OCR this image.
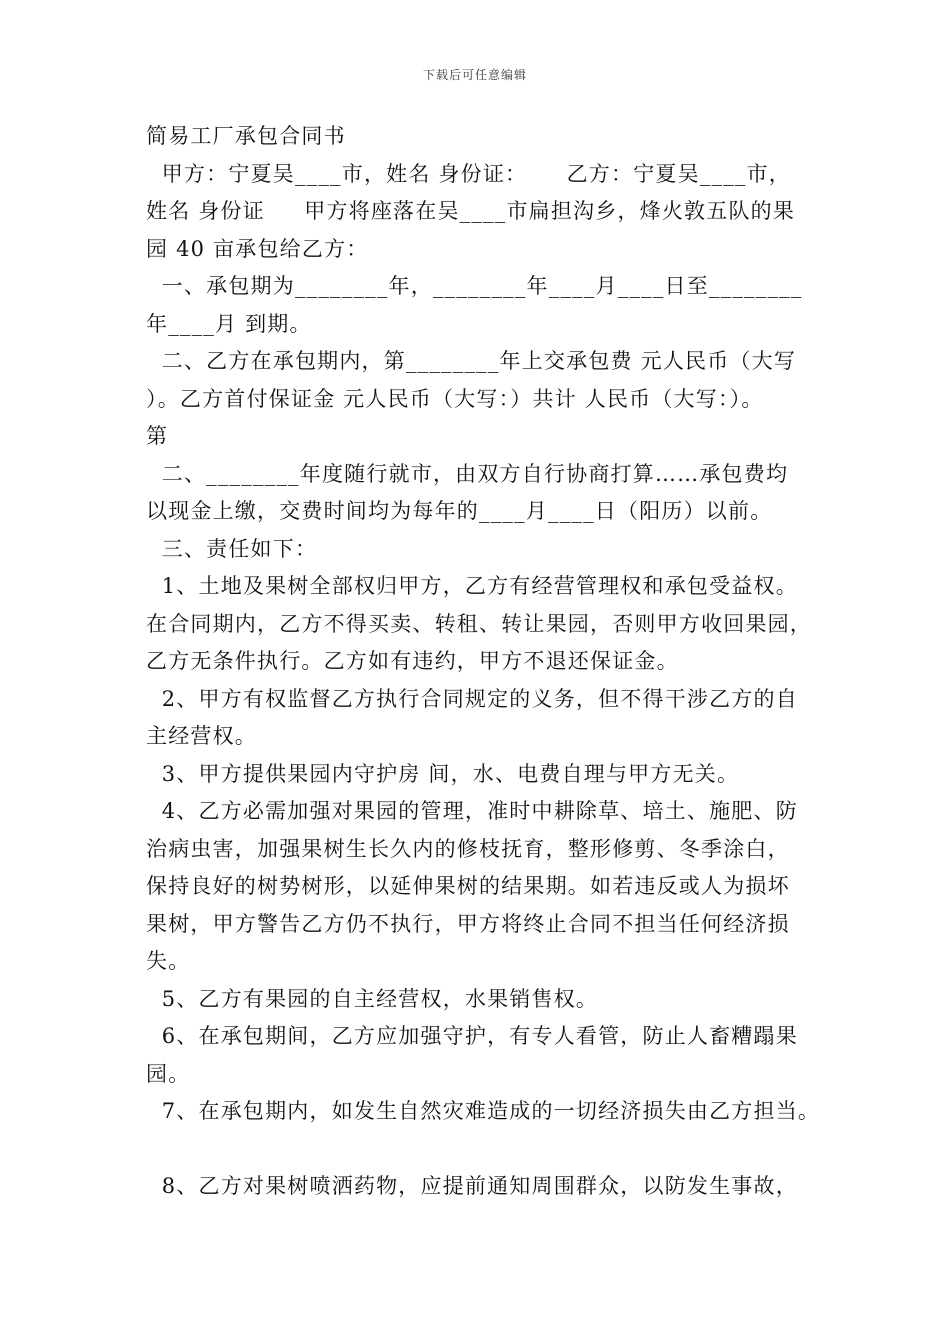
下载后可任意编辑
简易工厂承包合同书
甲方：宁夏吴____市，姓名 身份证：     乙方：宁夏吴____市，
姓名 身份证     甲方将座落在吴____市扁担沟乡，烽火敦五队的果
园 40 亩承包给乙方：
一、承包期为________年，________年____月____日至________
年____月 到期。
二、乙方在承包期内，第________年上交承包费 元人民币（大写
）。乙方首付保证金 元人民币（大写：）共计 人民币（大写：）。
第
二、________年度随行就市，由双方自行协商打算……承包费均
以现金上缴，交费时间均为每年的____月____日（阳历）以前。
三、责任如下：
1、土地及果树全部权归甲方，乙方有经营管理权和承包受益权。
在合同期内，乙方不得买卖、转租、转让果园，否则甲方收回果园，
乙方无条件执行。乙方如有违约，甲方不退还保证金。
2、甲方有权监督乙方执行合同规定的义务，但不得干涉乙方的自
主经营权。
3、甲方提供果园内守护房 间，水、电费自理与甲方无关。
4、乙方必需加强对果园的管理，准时中耕除草、培土、施肥、防
治病虫害，加强果树生长久内的修枝抚育，整形修剪、冬季涂白，
保持良好的树势树形，以延伸果树的结果期。如若违反或人为损坏
果树，甲方警告乙方仍不执行，甲方将终止合同不担当任何经济损
失。
5、乙方有果园的自主经营权，水果销售权。
6、在承包期间，乙方应加强守护，有专人看管，防止人畜糟蹋果
园。
7、在承包期内，如发生自然灾难造成的一切经济损失由乙方担当。
8、乙方对果树喷洒药物，应提前通知周围群众，以防发生事故，
